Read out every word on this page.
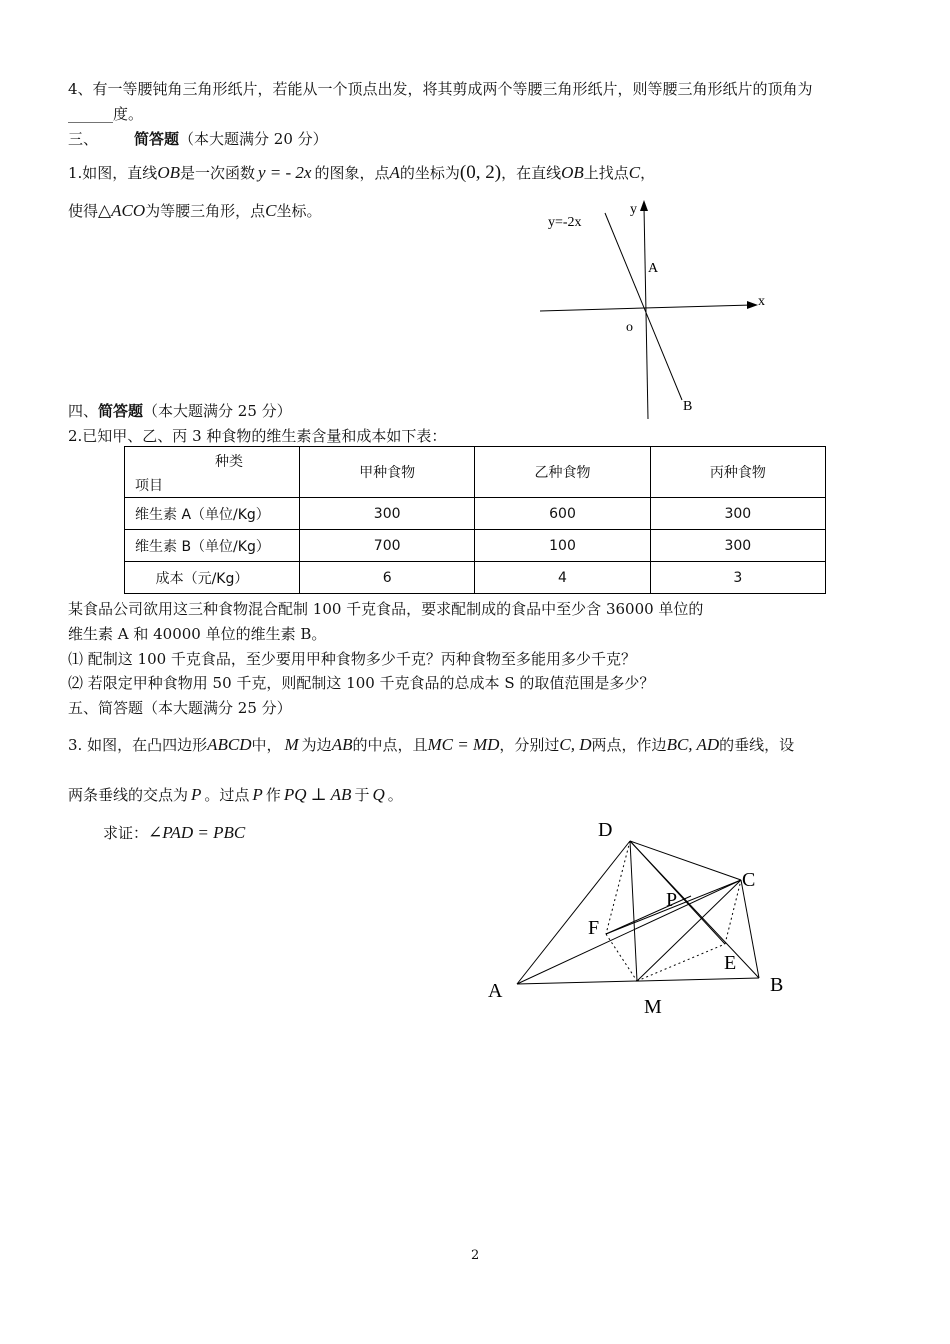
4、有一等腰钝角三角形纸片，若能从一个顶点出发，将其剪成两个等腰三角形纸片，则等腰三角形纸片的顶角为
______度。
三、 简答题（本大题满分 20 分）
1.如图，直线OB是一次函数 y = - 2x 的图象，点A的坐标为(0, 2)，在直线OB上找点C，
使得△ACO为等腰三角形，点C坐标。
y=-2x
y
x
A
o
B
四、简答题（本大题满分 25 分）
2.已知甲、乙、丙 3 种食物的维生素含量和成本如下表：
种类
项目	甲种食物	乙种食物	丙种食物
维生素 A（单位/Kg）	300	600	300
维生素 B（单位/Kg）	700	100	300
成本（元/Kg）	6	4	3
某食品公司欲用这三种食物混合配制 100 千克食品，要求配制成的食品中至少含 36000 单位的
维生素 A 和 40000 单位的维生素 B。
⑴ 配制这 100 千克食品，至少要用甲种食物多少千克？丙种食物至多能用多少千克？
⑵ 若限定甲种食物用 50 千克，则配制这 100 千克食品的总成本 S 的取值范围是多少？
五、简答题（本大题满分 25 分）
3. 如图，在凸四边形ABCD中， M 为边AB的中点，且MC = MD，分别过C, D两点，作边BC, AD的垂线，设
两条垂线的交点为 P 。过点 P 作 PQ ⊥ AB 于 Q 。
求证：∠PAD = PBC	D
C
P
F
E
A
M
B
2
